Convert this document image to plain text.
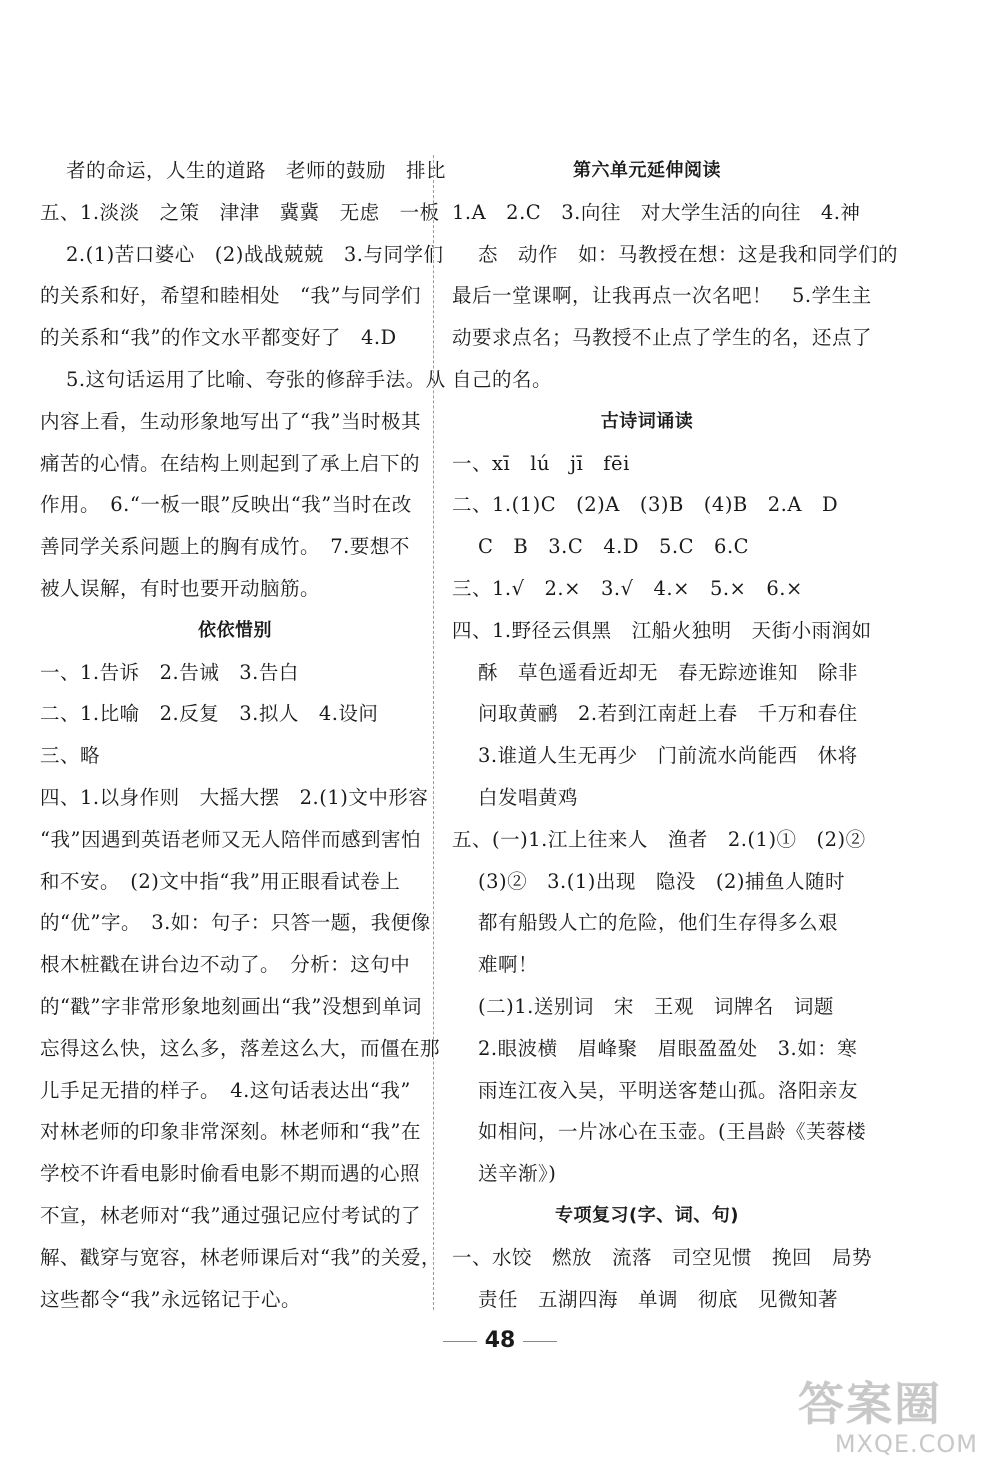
者的命运，人生的道路　老师的鼓励　排比
五、1.淡淡　之策　津津　冀冀　无虑　一板
2.(1)苦口婆心　(2)战战兢兢　3.与同学们
的关系和好，希望和睦相处　“我”与同学们
的关系和“我”的作文水平都变好了　4.D
5.这句话运用了比喻、夸张的修辞手法。从
内容上看，生动形象地写出了“我”当时极其
痛苦的心情。在结构上则起到了承上启下的
作用。　6.“一板一眼”反映出“我”当时在改
善同学关系问题上的胸有成竹。　7.要想不
被人误解，有时也要开动脑筋。
依依惜别
一、1.告诉　2.告诫　3.告白
二、1.比喻　2.反复　3.拟人　4.设问
三、略
四、1.以身作则　大摇大摆　2.(1)文中形容
“我”因遇到英语老师又无人陪伴而感到害怕
和不安。　(2)文中指“我”用正眼看试卷上
的“优”字。　3.如：句子：只答一题，我便像
根木桩戳在讲台边不动了。　分析：这句中
的“戳”字非常形象地刻画出“我”没想到单词
忘得这么快，这么多，落差这么大，而僵在那
儿手足无措的样子。　4.这句话表达出“我”
对林老师的印象非常深刻。林老师和“我”在
学校不许看电影时偷看电影不期而遇的心照
不宣，林老师对“我”通过强记应付考试的了
解、戳穿与宽容，林老师课后对“我”的关爱，
这些都令“我”永远铭记于心。
第六单元延伸阅读
1.A　2.C　3.向往　对大学生活的向往　4.神
态　动作　如：马教授在想：这是我和同学们的
最后一堂课啊，让我再点一次名吧！　5.学生主
动要求点名；马教授不止点了学生的名，还点了
自己的名。
古诗词诵读
一、xī　lú　jī　fēi
二、1.(1)C　(2)A　(3)B　(4)B　2.A　D
C　B　3.C　4.D　5.C　6.C
三、1.√　2.×　3.√　4.×　5.×　6.×
四、1.野径云俱黑　江船火独明　天街小雨润如
酥　草色遥看近却无　春无踪迹谁知　除非
问取黄鹂　2.若到江南赶上春　千万和春住
3.谁道人生无再少　门前流水尚能西　休将
白发唱黄鸡
五、(一)1.江上往来人　渔者　2.(1)①　(2)②
(3)②　3.(1)出现　隐没　(2)捕鱼人随时
都有船毁人亡的危险，他们生存得多么艰
难啊！
(二)1.送别词　宋　王观　词牌名　词题
2.眼波横　眉峰聚　眉眼盈盈处　3.如：寒
雨连江夜入吴，平明送客楚山孤。洛阳亲友
如相问，一片冰心在玉壶。(王昌龄《芙蓉楼
送辛渐》)
专项复习(字、词、句)
一、水饺　燃放　流落　司空见惯　挽回　局势
责任　五湖四海　单调　彻底　见微知著
48
答案圈
MXQE.COM
